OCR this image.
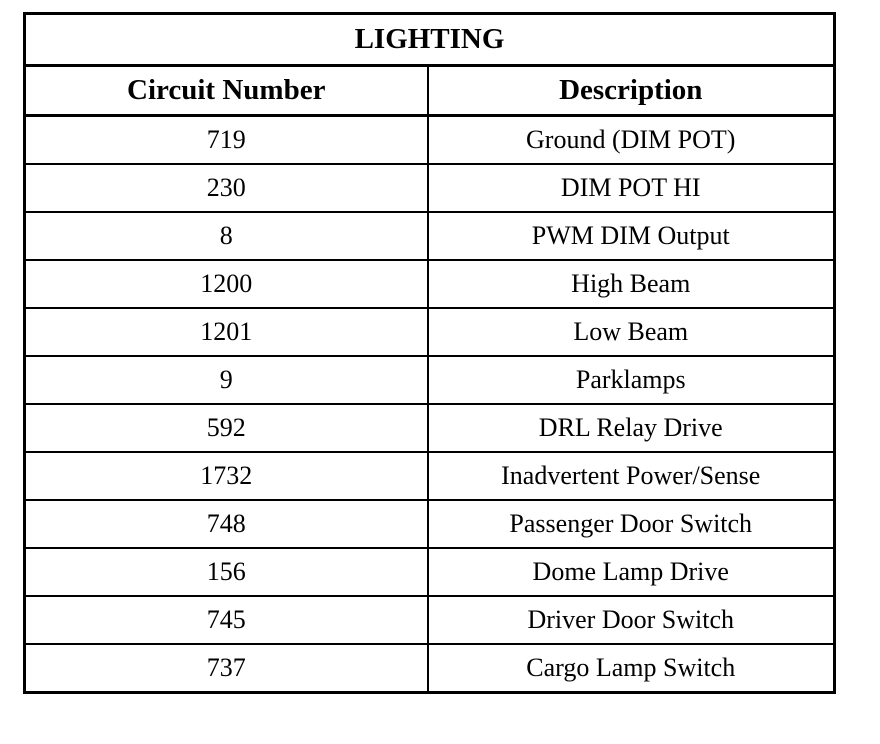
LIGHTING	
Circuit Number	Description
719	Ground (DIM POT)
230	DIM POT HI
8	PWM DIM Output
1200	High Beam
1201	Low Beam
9	Parklamps
592	DRL Relay Drive
1732	Inadvertent Power/Sense
748	Passenger Door Switch
156	Dome Lamp Drive
745	Driver Door Switch
737	Cargo Lamp Switch
